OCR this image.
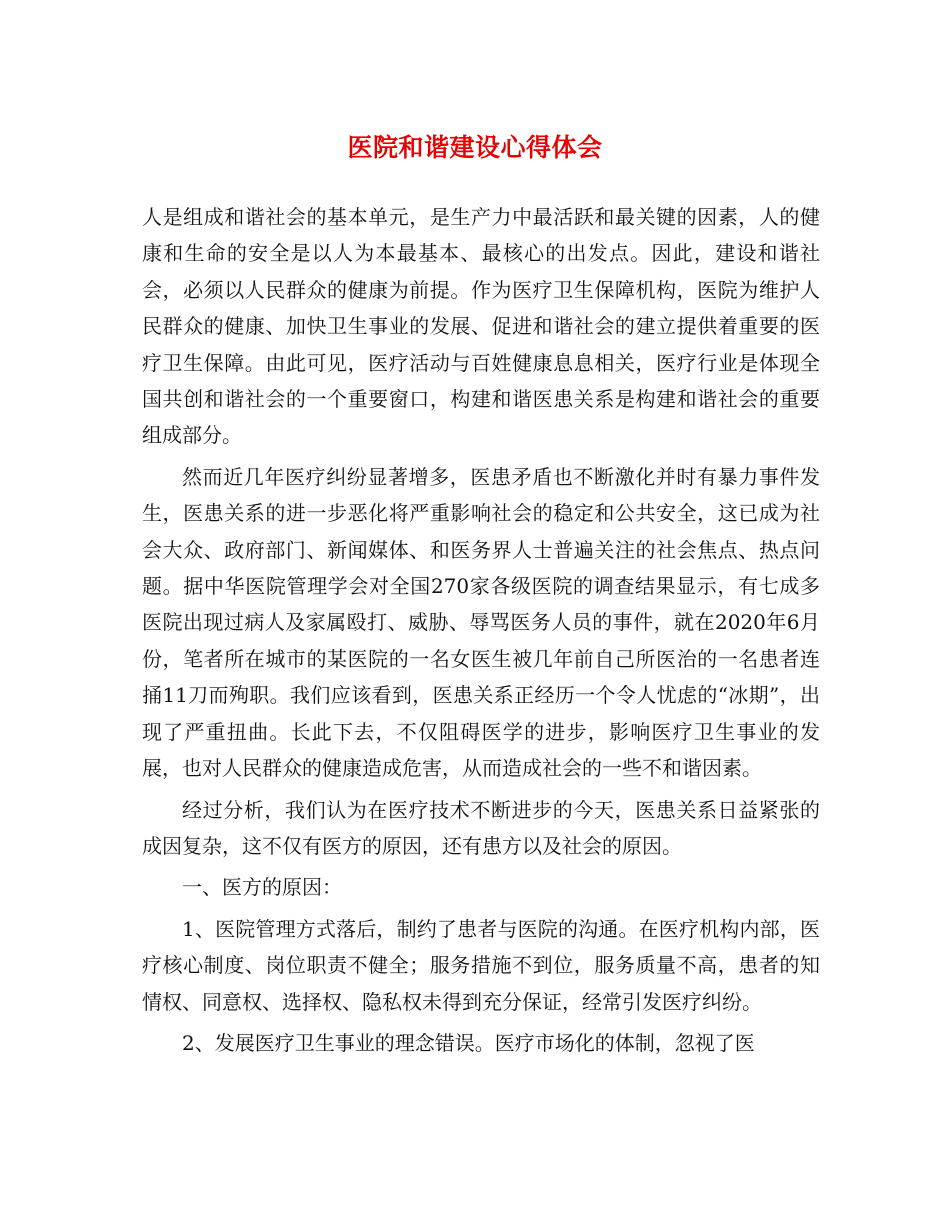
医院和谐建设心得体会

人是组成和谐社会的基本单元，是生产力中最活跃和最关键的因素，人的健康和生命的安全是以人为本最基本、最核心的出发点。因此，建设和谐社会，必须以人民群众的健康为前提。作为医疗卫生保障机构，医院为维护人民群众的健康、加快卫生事业的发展、促进和谐社会的建立提供着重要的医疗卫生保障。由此可见，医疗活动与百姓健康息息相关，医疗行业是体现全国共创和谐社会的一个重要窗口，构建和谐医患关系是构建和谐社会的重要组成部分。

然而近几年医疗纠纷显著增多，医患矛盾也不断激化并时有暴力事件发生，医患关系的进一步恶化将严重影响社会的稳定和公共安全，这已成为社会大众、政府部门、新闻媒体、和医务界人士普遍关注的社会焦点、热点问题。据中华医院管理学会对全国270家各级医院的调查结果显示，有七成多医院出现过病人及家属殴打、威胁、辱骂医务人员的事件，就在2020年6月份，笔者所在城市的某医院的一名女医生被几年前自己所医治的一名患者连捅11刀而殉职。我们应该看到，医患关系正经历一个令人忧虑的“冰期”，出现了严重扭曲。长此下去，不仅阻碍医学的进步，影响医疗卫生事业的发展，也对人民群众的健康造成危害，从而造成社会的一些不和谐因素。

经过分析，我们认为在医疗技术不断进步的今天，医患关系日益紧张的成因复杂，这不仅有医方的原因，还有患方以及社会的原因。

一、医方的原因：

1、医院管理方式落后，制约了患者与医院的沟通。在医疗机构内部，医疗核心制度、岗位职责不健全；服务措施不到位，服务质量不高，患者的知情权、同意权、选择权、隐私权未得到充分保证，经常引发医疗纠纷。

2、发展医疗卫生事业的理念错误。医疗市场化的体制，忽视了医
